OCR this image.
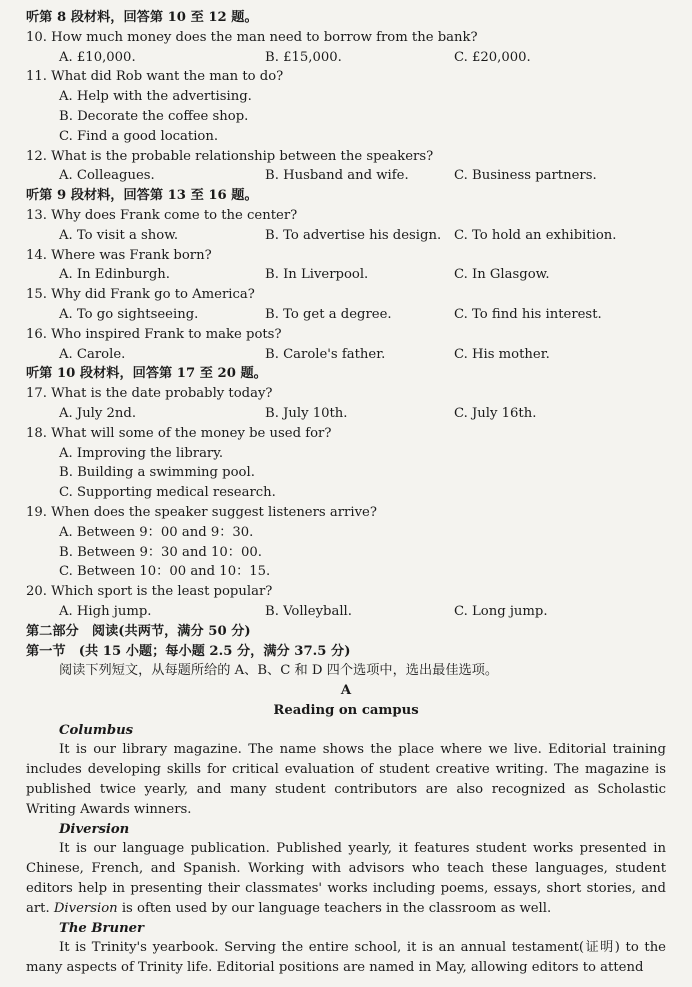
听第 8 段材料，回答第 10 至 12 题。
10. How much money does the man need to borrow from the bank?
A. £10,000.	B. £15,000.	C. £20,000.
11. What did Rob want the man to do?
A. Help with the advertising.
B. Decorate the coffee shop.
C. Find a good location.
12. What is the probable relationship between the speakers?
A. Colleagues.	B. Husband and wife.	C. Business partners.
听第 9 段材料，回答第 13 至 16 题。
13. Why does Frank come to the center?
A. To visit a show.	B. To advertise his design. C. To hold an exhibition.
14. Where was Frank born?
A. In Edinburgh.	B. In Liverpool.	C. In Glasgow.
15. Why did Frank go to America?
A. To go sightseeing.	B. To get a degree.	C. To find his interest.
16. Who inspired Frank to make pots?
A. Carole.	B. Carole's father.	C. His mother.
听第 10 段材料，回答第 17 至 20 题。
17. What is the date probably today?
A. July 2nd.	B. July 10th.	C. July 16th.
18. What will some of the money be used for?
A. Improving the library.
B. Building a swimming pool.
C. Supporting medical research.
19. When does the speaker suggest listeners arrive?
A. Between 9：00 and 9：30.
B. Between 9：30 and 10：00.
C. Between 10：00 and 10：15.
20. Which sport is the least popular?
A. High jump.	B. Volleyball.	C. Long jump.
第二部分　阅读(共两节，满分 50 分)
第一节　(共 15 小题；每小题 2.5 分，满分 37.5 分)
阅读下列短文，从每题所给的 A、B、C 和 D 四个选项中，选出最佳选项。
A
Reading on campus
Columbus
It is our library magazine. The name shows the place where we live. Editorial training includes developing skills for critical evaluation of student creative writing. The magazine is published twice yearly, and many student contributors are also recognized as Scholastic Writing Awards winners.
Diversion
It is our language publication. Published yearly, it features student works presented in Chinese, French, and Spanish. Working with advisors who teach these languages, student editors help in presenting their classmates' works including poems, essays, short stories, and art. Diversion is often used by our language teachers in the classroom as well.
The Bruner
It is Trinity's yearbook. Serving the entire school, it is an annual testament(证明) to the many aspects of Trinity life. Editorial positions are named in May, allowing editors to attend
